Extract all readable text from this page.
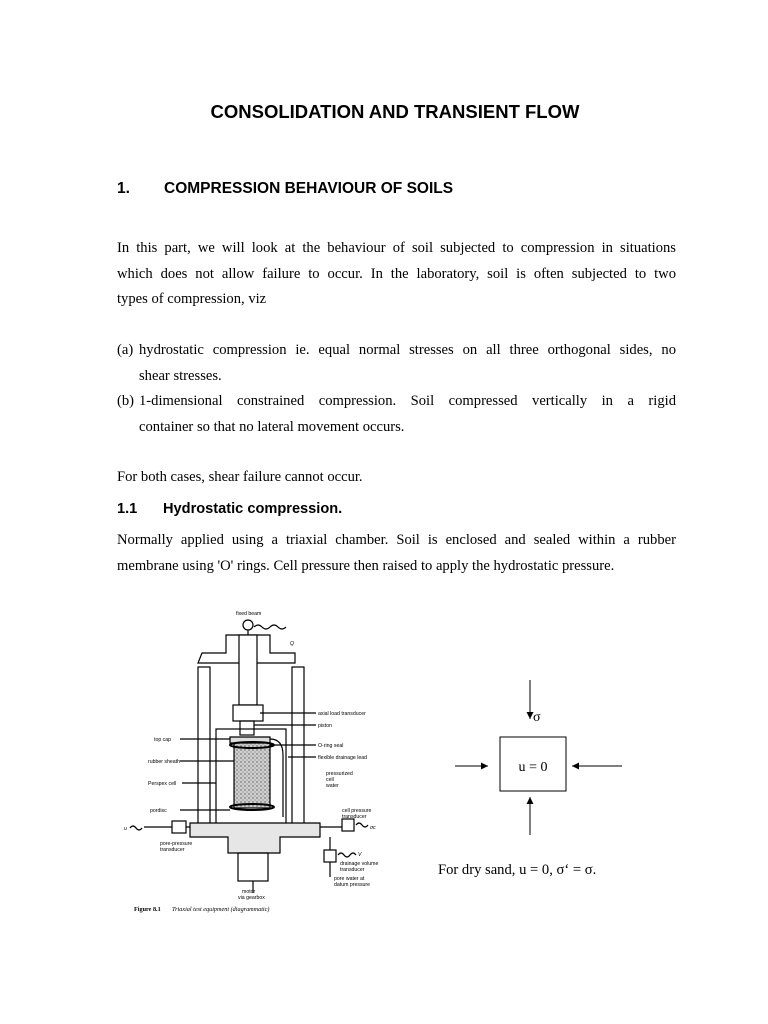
CONSOLIDATION AND TRANSIENT FLOW
1. COMPRESSION BEHAVIOUR OF SOILS
In this part, we will look at the behaviour of soil subjected to compression in situations
which does not allow failure to occur. In the laboratory, soil is often subjected to two
types of compression, viz
(a) hydrostatic compression ie. equal normal stresses on all three orthogonal sides, no
shear stresses.
(b) 1-dimensional constrained compression. Soil compressed vertically in a rigid
container so that no lateral movement occurs.
For both cases, shear failure cannot occur.
1.1 Hydrostatic compression.
Normally applied using a triaxial chamber. Soil is enclosed and sealed within a rubber
membrane using 'O' rings. Cell pressure then raised to apply the hydrostatic pressure.
fixed beam
axial load transducer
piston
top cap
O-ring seal
flexible drainage lead
rubber sheath
Perspex cell
pressurized
cell
water
pordisc	cell pressure
transducer
pore-pressure
transducer
drainage volume
transducer
pore water at
datum pressure
motor
via gearbox
Q
u	σc
V
Figure 8.1 Triaxial test equipment (diagrammatic)
σ
u = 0
For dry sand, u = 0, σ‘ = σ.
